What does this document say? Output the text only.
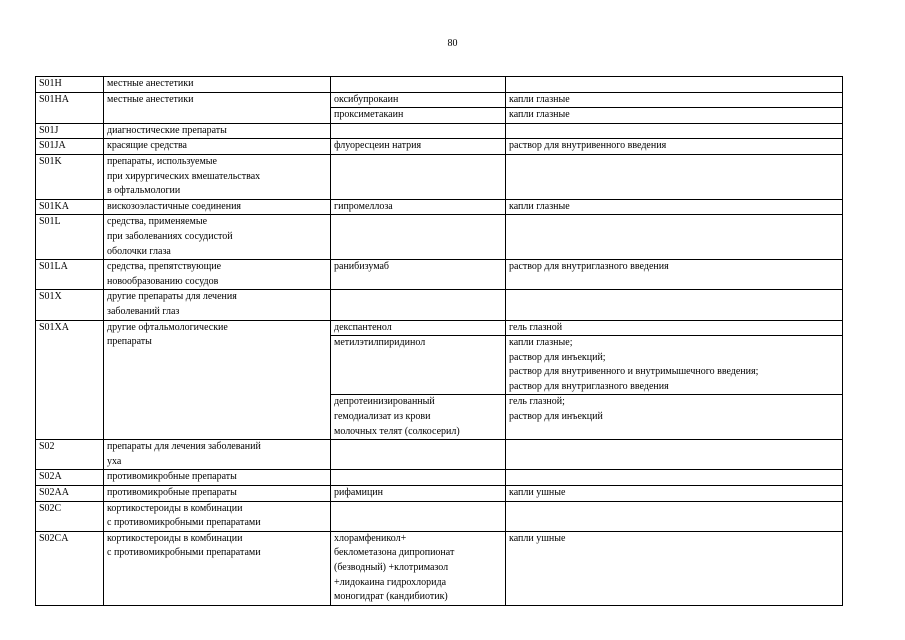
80
S01H	местные анестетики		
S01HA	местные анестетики	оксибупрокаин	капли глазные
		проксиметакаин	капли глазные
S01J	диагностические препараты		
S01JA	красящие средства	флуоресцеин натрия	раствор для внутривенного введения
S01K	препараты, используемые
при хирургических вмешательствах
в офтальмологии		
S01KA	вискозоэластичные соединения	гипромеллоза	капли глазные
S01L	средства, применяемые
при заболеваниях сосудистой
оболочки глаза		
S01LA	средства, препятствующие
новообразованию сосудов	ранибизумаб	раствор для внутриглазного введения
S01X	другие препараты для лечения
заболеваний глаз		
S01XA	другие офтальмологические
препараты	декспантенол	гель глазной
		метилэтилпиридинол	капли глазные;
раствор для инъекций;
раствор для внутривенного и внутримышечного введения;
раствор для внутриглазного введения
		депротеинизированный
гемодиализат из крови
молочных телят (солкосерил)	гель глазной;
раствор для инъекций
S02	препараты для лечения заболеваний
уха		
S02A	противомикробные препараты		
S02AA	противомикробные препараты	рифамицин	капли ушные
S02C	кортикостероиды в комбинации
с противомикробными препаратами		
S02CA	кортикостероиды в комбинации
с противомикробными препаратами	хлорамфеникол+
беклометазона дипропионат
(безводный) +клотримазол
+лидокаина гидрохлорида
моногидрат (кандибиотик)	капли ушные
